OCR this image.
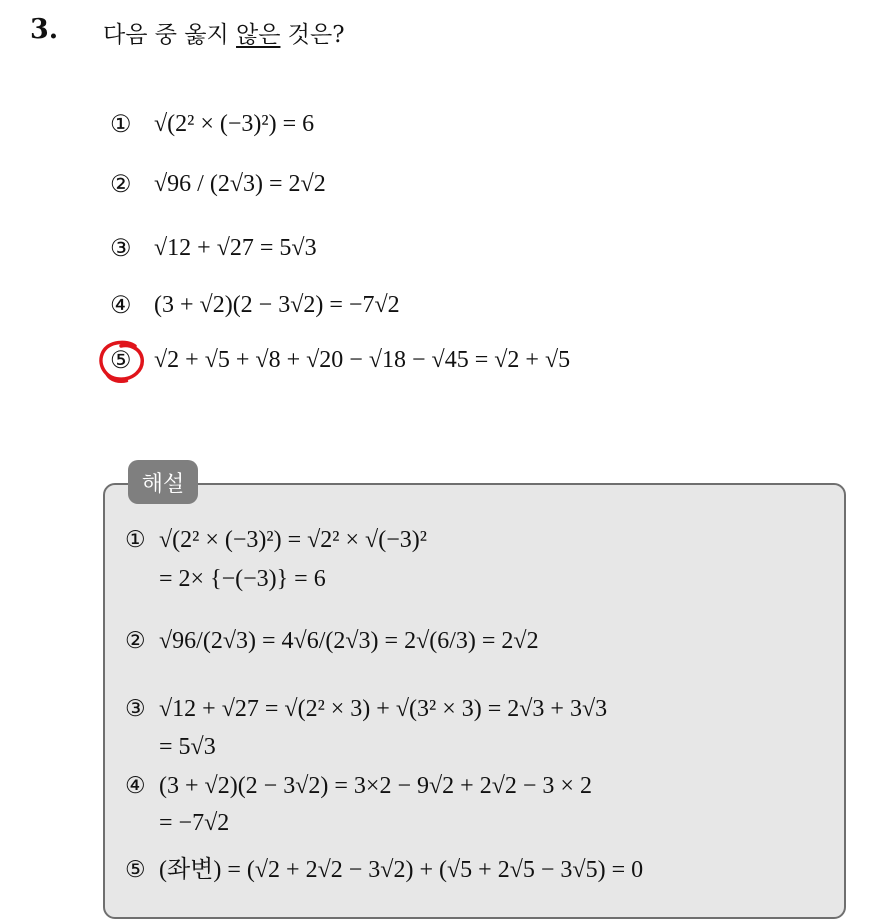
3. 다음 중 옳지 않은 것은?
① √(2² × (−3)²) = 6
② √96 / (2√3) = 2√2
③ √12 + √27 = 5√3
④ (3 + √2)(2 − 3√2) = −7√2
⑤ √2 + √5 + √8 + √20 − √18 − √45 = √2 + √5
해설
① √(2² × (−3)²) = √2² × √(−3)²
= 2× {−(−3)} = 6
② √96/(2√3) = 4√6/(2√3) = 2√(6/3) = 2√2
③ √12 + √27 = √(2² × 3) + √(3² × 3) = 2√3 + 3√3
= 5√3
④ (3 + √2)(2 − 3√2) = 3×2 − 9√2 + 2√2 − 3 × 2
= −7√2
⑤ (좌변) = (√2 + 2√2 − 3√2) + (√5 + 2√5 − 3√5) = 0
